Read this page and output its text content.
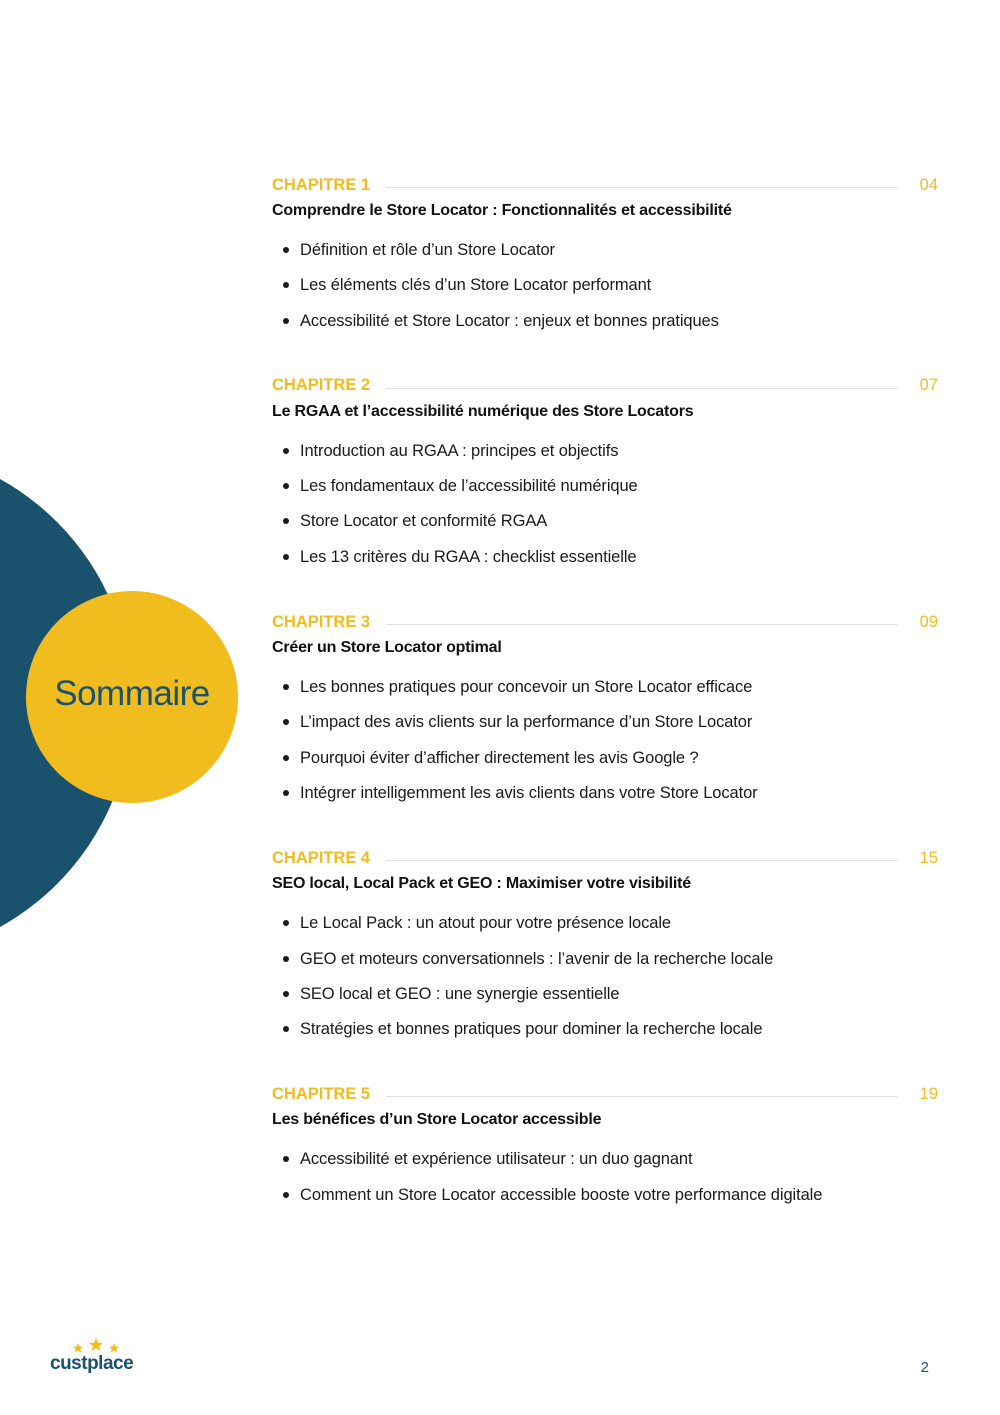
Sommaire
CHAPITRE 1	04
Comprendre le Store Locator : Fonctionnalités et accessibilité
Définition et rôle d’un Store Locator
Les éléments clés d’un Store Locator performant
Accessibilité et Store Locator : enjeux et bonnes pratiques
CHAPITRE 2	07
Le RGAA et l’accessibilité numérique des Store Locators
Introduction au RGAA : principes et objectifs
Les fondamentaux de l’accessibilité numérique
Store Locator et conformité RGAA
Les 13 critères du RGAA : checklist essentielle
CHAPITRE 3	09
Créer un Store Locator optimal
Les bonnes pratiques pour concevoir un Store Locator efficace
L’impact des avis clients sur la performance d’un Store Locator
Pourquoi éviter d’afficher directement les avis Google ?
Intégrer intelligemment les avis clients dans votre Store Locator
CHAPITRE 4	15
SEO local, Local Pack et GEO : Maximiser votre visibilité
Le Local Pack : un atout pour votre présence locale
GEO et moteurs conversationnels : l’avenir de la recherche locale
SEO local et GEO : une synergie essentielle
Stratégies et bonnes pratiques pour dominer la recherche locale
CHAPITRE 5	19
Les bénéfices d’un Store Locator accessible
Accessibilité et expérience utilisateur : un duo gagnant
Comment un Store Locator accessible booste votre performance digitale
custplace	2
